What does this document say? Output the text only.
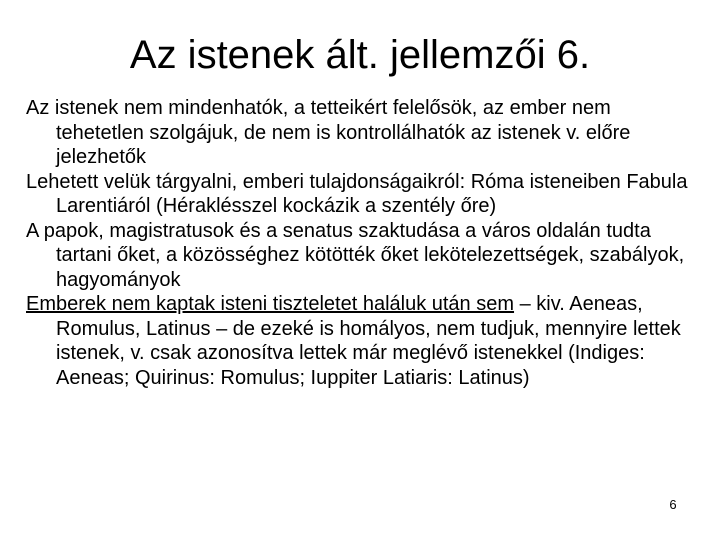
Az istenek ált. jellemzői 6.

Az istenek nem mindenhatók, a tetteikért felelősök, az ember nem tehetetlen szolgájuk, de nem is kontrollálhatók az istenek v. előre jelezhetők

Lehetett velük tárgyalni, emberi tulajdonságaikról: Róma isteneiben Fabula Larentiáról (Héraklésszel kockázik a szentély őre)

A papok, magistratusok és a senatus szaktudása a város oldalán tudta tartani őket, a közösséghez kötötték őket lekötelezettségek, szabályok, hagyományok

Emberek nem kaptak isteni tiszteletet haláluk után sem – kiv. Aeneas, Romulus, Latinus – de ezeké is homályos, nem tudjuk, mennyire lettek istenek, v. csak azonosítva lettek már meglévő istenekkel (Indiges: Aeneas; Quirinus: Romulus; Iuppiter Latiaris: Latinus)

6
